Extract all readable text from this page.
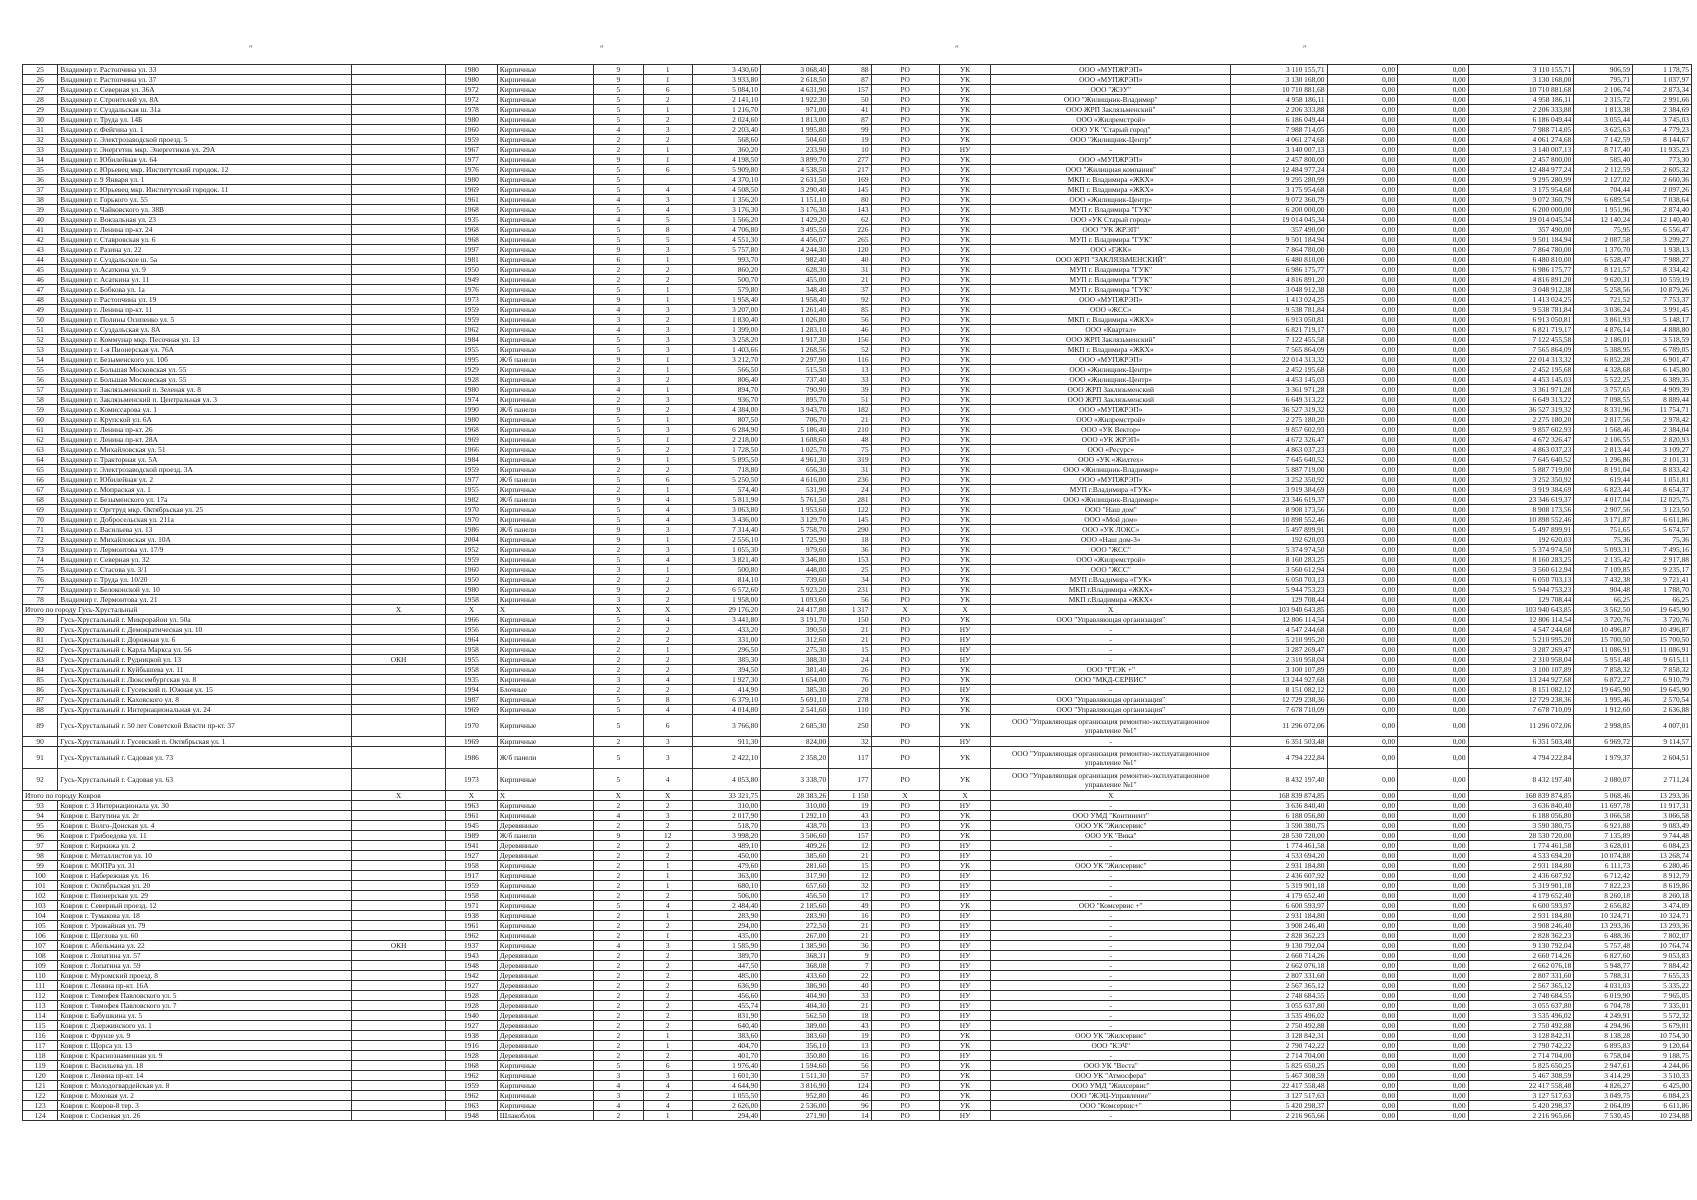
″	″	″	″
25	Владимир г. Растопчина ул. 33		1980	Кирпичные	9	1	3 430,60	3 068,40	88	РО	УК	ООО «МУПЖРЭП»	3 110 155,71	0,00	0,00	3 110 155,71	906,59	1 178,75
26	Владимир г. Растопчина ул. 37		1980	Кирпичные	9	1	3 933,80	2 618,50	87	РО	УК	ООО «МУПЖРЭП»	3 130 168,00	0,00	0,00	3 130 168,00	795,71	1 037,97
27	Владимир г. Северная ул. 36А		1972	Кирпичные	5	6	5 084,10	4 631,90	157	РО	УК	ООО "ЖЭУ"	10 710 881,68	0,00	0,00	10 710 881,68	2 106,74	2 873,34
28	Владимир г. Строителей ул. 8А		1972	Кирпичные	5	2	2 141,10	1 922,30	50	РО	УК	ООО "Жилищник-Владимир"	4 958 186,11	0,00	0,00	4 958 186,11	2 315,72	2 991,66
29	Владимир г. Суздальская ш. 31а		1978	Кирпичные	5	1	1 216,70	971,00	41	РО	УК	ООО ЖРП Заклязьменский"	2 206 333,88	0,00	0,00	2 206 333,88	1 813,38	2 384,69
30	Владимир г. Труда ул. 14Б		1980	Кирпичные	5	2	2 024,60	1 813,00	87	РО	УК	ООО «Жилремстрой»	6 186 049,44	0,00	0,00	6 186 049,44	3 055,44	3 745,03
31	Владимир г. Фейгина ул. 1		1960	Кирпичные	4	3	2 203,40	1 995,80	99	РО	УК	ООО УК "Старый город"	7 988 714,05	0,00	0,00	7 988 714,05	3 625,63	4 779,23
32	Владимир г. Электрозаводской проезд. 5		1959	Кирпичные	2	2	568,60	504,60	19	РО	УК	ООО "Жилищник-Центр"	4 061 274,68	0,00	0,00	4 061 274,68	7 142,59	8 144,67
33	Владимир г. Энергетик мкр. Энергетиков ул. 29А		1967	Кирпичные	2	1	360,20	233,90	10	РО	НУ	-	3 140 007,13	0,00	0,00	3 140 007,13	8 717,40	11 935,23
34	Владимир г. Юбилейная ул. 64		1977	Кирпичные	9	1	4 198,50	3 899,70	277	РО	УК	ООО «МУПЖРЭП»	2 457 800,00	0,00	0,00	2 457 800,00	585,40	773,30
35	Владимир г. Юрьевец мкр. Институтский городок. 12		1976	Кирпичные	5	6	5 909,80	4 538,50	217	РО	УК	ООО "Жилищная компания"	12 484 977,24	0,00	0,00	12 484 977,24	2 112,59	2 605,32
36	Владимир г. 9 Января ул. 1		1980	Кирпичные	5		4 370,10	2 631,50	169	РО	УК	МКП г. Владимира «ЖКХ»	9 295 280,99	0,00	0,00	9 295 280,99	2 127,02	2 660,36
37	Владимир г. Юрьевец мкр. Институтский городок. 11		1969	Кирпичные	5	4	4 508,50	3 290,40	145	РО	УК	МКП г. Владимира «ЖКХ»	3 175 954,68	0,00	0,00	3 175 954,68	704,44	2 097,26
38	Владимир г. Горького ул. 55		1961	Кирпичные	4	3	1 356,20	1 151,10	80	РО	УК	ООО «Жилищник-Центр»	9 072 360,79	0,00	0,00	9 072 360,79	6 689,54	7 038,64
39	Владимир г. Чайковского ул. 38В		1968	Кирпичные	5	4	3 176,30	3 176,30	143	РО	УК	МУП г. Владимира "ГУК"	6 200 000,00	0,00	0,00	6 200 000,00	1 951,96	2 874,40
40	Владимир г. Вокзальная ул. 23		1935	Кирпичные	4	5	1 566,20	1 429,20	62	РО	УК	ООО «УК Старый город»	19 014 045,34	0,00	0,00	19 014 045,34	12 140,24	12 140,40
41	Владимир г. Ленина пр-кт. 24		1968	Кирпичные	5	8	4 706,80	3 495,50	226	РО	УК	ООО "УК ЖРЭП"	357 490,00	0,00	0,00	357 490,00	75,95	6 556,47
42	Владимир г. Ставровская ул. 6		1968	Кирпичные	5	5	4 551,30	4 456,07	265	РО	УК	МУП г. Владимира "ГУК"	9 501 184,94	0,00	0,00	9 501 184,94	2 087,58	3 299,27
43	Владимир г. Разина ул. 22		1997	Кирпичные	9	3	5 757,80	4 244,30	120	РО	УК	ООО «ГЖК»	7 864 780,00	0,00	0,00	7 864 780,00	1 370,70	1 938,13
44	Владимир г. Суздальское ш. 5а		1981	Кирпичные	6	1	993,70	982,40	40	РО	УК	ООО ЖРП "ЗАКЛЯЗЬМЕНСКИЙ"	6 480 810,00	0,00	0,00	6 480 810,00	6 528,47	7 988,27
45	Владимир г. Асаткина ул. 9		1950	Кирпичные	2	2	860,20	628,30	31	РО	УК	МУП г. Владимира "ГУК"	6 986 175,77	0,00	0,00	6 986 175,77	8 121,57	8 334,42
46	Владимир г. Асаткина ул. 11		1949	Кирпичные	2	2	500,70	455,00	21	РО	УК	МУП г. Владимира "ГУК"	4 816 891,20	0,00	0,00	4 816 891,20	9 620,31	10 559,19
47	Владимир г. Бобкова ул. 1а		1976	Кирпичные	5	1	579,80	348,40	37	РО	УК	МУП г. Владимира "ГУК"	3 048 912,38	0,00	0,00	3 048 912,38	5 258,56	10 879,26
48	Владимир г. Растопчина ул. 19		1973	Кирпичные	9	1	1 958,40	1 958,40	92	РО	УК	ООО «МУПЖРЭП»	1 413 024,25	0,00	0,00	1 413 024,25	721,52	7 753,37
49	Владимир г. Ленина пр-кт. 11		1959	Кирпичные	4	3	3 207,00	1 261,40	85	РО	УК	ООО «ЖСС»	9 538 781,84	0,00	0,00	9 538 781,84	3 036,24	3 991,45
50	Владимир г. Полины Осипенко ул. 5		1959	Кирпичные	3	2	1 830,40	1 026,80	56	РО	УК	МКП г. Владимира «ЖКХ»	6 913 050,81	0,00	0,00	6 913 050,81	3 861,93	5 148,17
51	Владимир г. Суздальская ул. 8А		1962	Кирпичные	4	3	1 399,00	1 283,10	46	РО	УК	ООО «Квартал»	6 821 719,17	0,00	0,00	6 821 719,17	4 876,14	4 888,80
52	Владимир г. Коммунар мкр. Песочная ул. 13		1984	Кирпичные	5	3	3 258,20	1 917,30	156	РО	УК	ООО ЖРП Заклязьменский"	7 122 455,58	0,00	0,00	7 122 455,58	2 186,01	3 518,59
53	Владимир г. 1-я Пионерская ул. 76А		1955	Кирпичные	5	3	1 403,66	1 268,56	52	РО	УК	МКП г. Владимира «ЖКХ»	7 565 864,09	0,00	0,00	7 565 864,09	5 388,95	6 789,05
54	Владимир г. Безыменского ул. 10б		1995	Ж/б панели	9	1	3 212,70	2 297,90	116	РО	УК	ООО «МУПЖРЭП»	22 014 313,32	0,00	0,00	22 014 313,32	6 852,28	6 901,47
55	Владимир г. Большая Московская ул. 55		1929	Кирпичные	2	1	566,50	515,50	13	РО	УК	ООО «Жилищник-Центр»	2 452 195,68	0,00	0,00	2 452 195,68	4 328,68	6 145,80
56	Владимир г. Большая Московская ул. 55		1928	Кирпичные	3	2	806,40	737,40	33	РО	УК	ООО «Жилищник-Центр»	4 453 145,03	0,00	0,00	4 453 145,03	5 522,25	6 389,35
57	Владимир г. Заклязьменский п. Зеленая ул. 8		1980	Кирпичные	4	1	894,70	790,90	39	РО	УК	ООО ЖРП Заклязьменский	3 361 971,28	0,00	0,00	3 361 971,28	3 757,65	4 909,39
58	Владимир г. Заклязьменский п. Центральная ул. 3		1974	Кирпичные	2	3	936,70	895,70	51	РО	УК	ООО ЖРП Заклязьменский	6 649 313,22	0,00	0,00	6 649 313,22	7 098,55	8 889,44
59	Владимир г. Комиссарова ул. 1		1990	Ж/б панели	9	2	4 384,00	3 943,70	182	РО	УК	ООО «МУПЖРЭП»	36 527 319,32	0,00	0,00	36 527 319,32	8 331,96	11 754,71
60	Владимир г. Крупской ул. 6А		1980	Кирпичные	5	1	807,50	706,70	21	РО	УК	ООО «Жилремстрой»	2 275 180,20	0,00	0,00	2 275 180,20	2 817,56	2 978,42
61	Владимир г. Ленина пр-кт. 26		1968	Кирпичные	5	3	6 284,90	5 186,40	210	РО	УК	ООО «УК Вектор»	9 857 602,93	0,00	0,00	9 857 602,93	1 568,46	2 384,04
62	Владимир г. Ленина пр-кт. 28А		1969	Кирпичные	5	1	2 218,00	1 608,60	48	РО	УК	ООО «УК ЖРЭП»	4 672 326,47	0,00	0,00	4 672 326,47	2 106,55	2 820,93
63	Владимир г. Михайловская ул. 51		1966	Кирпичные	5	2	1 728,50	1 025,70	75	РО	УК	ООО «Ресурс»	4 863 037,23	0,00	0,00	4 863 037,23	2 813,44	3 109,27
64	Владимир г. Тракторная ул. 5А		1984	Кирпичные	9	1	5 895,50	4 961,30	319	РО	УК	ООО «УК «Жилтех»	7 645 640,52	0,00	0,00	7 645 640,52	1 296,86	2 101,31
65	Владимир г. Электрозаводской проезд. 3А		1959	Кирпичные	2	2	718,80	656,30	31	РО	УК	ООО «Жилищник-Владимир»	5 887 719,00	0,00	0,00	5 887 719,00	8 191,04	8 833,42
66	Владимир г. Юбилейная ул. 2		1977	Ж/б панели	5	6	5 250,50	4 616,00	236	РО	УК	ООО «МУПЖРЭП»	3 252 350,92	0,00	0,00	3 252 350,92	619,44	1 051,81
67	Владимир г. Мопраскaя ул. 1		1955	Кирпичные	2	1	574,40	531,90	24	РО	УК	МУП г.Владимира «ГУК»	3 919 384,69	0,00	0,00	3 919 384,69	6 823,44	8 654,37
68	Владимир г. Безыменского ул. 17а		1982	Ж/б панели	9	4	5 811,90	5 761,50	281	РО	УК	ООО «Жилищник-Владимир»	23 346 619,37	0,00	0,00	23 346 619,37	4 017,04	12 025,75
69	Владимир г. Оргтруд мкр. Октябрьская ул. 25		1970	Кирпичные	5	4	3 063,80	1 953,60	122	РО	УК	ООО "Наш дом"	8 908 173,56	0,00	0,00	8 908 173,56	2 907,56	3 123,50
70	Владимир г. Добросельская ул. 211а		1970	Кирпичные	5	4	3 436,00	3 129,70	145	РО	УК	ООО «Мой дом»	10 898 552,46	0,00	0,00	10 898 552,46	3 171,87	6 611,86
71	Владимир г. Васильева ул. 13		1986	Ж/б панели	9	3	7 314,40	5 758,70	290	РО	УК	ООО «УК ЛОКС»	5 497 899,91	0,00	0,00	5 497 899,91	751,65	5 674,57
72	Владимир г. Михайловская ул. 10А		2004	Кирпичные	9	1	2 556,10	1 725,90	18	РО	УК	ООО «Наш дом-3»	192 620,03	0,00	0,00	192 620,03	75,36	75,36
73	Владимир г. Лермонтова ул. 17/9		1952	Кирпичные	2	3	1 055,30	979,60	36	РО	УК	ООО "ЖСС"	5 374 974,50	0,00	0,00	5 374 974,50	5 093,31	7 495,16
74	Владимир г. Северная ул. 32		1959	Кирпичные	5	4	3 821,40	3 346,80	153	РО	УК	ООО «Жилремстрой»	8 160 283,25	0,00	0,00	8 160 283,25	2 135,42	2 917,88
75	Владимир г. Стасова ул. 3/1		1960	Кирпичные	3	1	500,80	448,00	25	РО	УК	ООО "ЖСС"	3 560 612,94	0,00	0,00	3 560 612,94	7 109,85	9 235,17
76	Владимир г. Труда ул. 10/20		1950	Кирпичные	2	2	814,10	739,60	34	РО	УК	МУП г.Владимира «ГУК»	6 050 703,13	0,00	0,00	6 050 703,13	7 432,38	9 721,41
77	Владимир г. Белоконской ул. 10		1980	Кирпичные	9	2	6 572,60	5 923,20	231	РО	УК	МКП г.Владимира «ЖКХ»	5 944 753,23	0,00	0,00	5 944 753,23	904,48	1 788,70
78	Владимир г. Лермонтова ул. 21		1958	Кирпичные	3	2	1 958,00	1 093,60	56	РО	УК	МКП г.Владимира «ЖКХ»	129 708,44	0,00	0,00	129 708,44	66,25	66,25
Итого по городу Гусь-Хрустальный		X	X	X	X	X	29 176,20	24 417,80	1 317	X	X	X	103 940 643,85	0,00	0,00	103 940 643,85	3 562,50	19 645,90
79	Гусь-Хрустальный г. Микрорайон ул. 50а		1966	Кирпичные	5	4	3 441,80	3 191,70	150	РО	УК	ООО "Управляющая организация"	12 806 114,54	0,00	0,00	12 806 114,54	3 720,76	3 720,76
80	Гусь-Хрустальный г. Демократическая ул. 10		1956	Кирпичные	2	2	433,20	390,50	21	РО	НУ	-	4 547 244,68	0,00	0,00	4 547 244,68	10 496,87	10 496,87
81	Гусь-Хрустальный г. Дорожная ул. 6		1964	Кирпичные	2	2	331,00	312,60	21	РО	НУ	-	5 210 995,20	0,00	0,00	5 210 995,20	15 700,50	15 700,50
82	Гусь-Хрустальный г. Карла Маркса ул. 56		1958	Кирпичные	2	1	296,50	275,30	15	РО	НУ	-	3 287 269,47	0,00	0,00	3 287 269,47	11 086,91	11 086,91
83	Гусь-Хрустальный г. Рудницкой ул. 13	ОКН	1955	Кирпичные	2	2	385,30	388,30	24	РО	НУ	-	2 310 958,04	0,00	0,00	2 310 958,04	5 951,48	9 615,11
84	Гусь-Хрустальный г. Куйбышева ул. 11		1958	Кирпичные	2	2	394,50	381,40	26	РО	УК	ООО "РТЭК +"	3 100 107,89	0,00	0,00	3 100 107,89	7 858,32	7 858,32
85	Гусь-Хрустальный г. Люксембургская ул. 8		1935	Кирпичные	3	4	1 927,30	1 654,00	76	РО	УК	ООО "МКД-СЕРВИС"	13 244 927,68	0,00	0,00	13 244 927,68	6 872,27	6 910,79
86	Гусь-Хрустальный г. Гусевский п. Южная ул. 15		1994	Блочные	2	2	414,90	385,30	20	РО	НУ	-	8 151 082,12	0,00	0,00	8 151 082,12	19 645,90	19 645,90
87	Гусь-Хрустальный г. Каховского ул. 8		1987	Кирпичные	5	8	6 379,10	5 691,10	278	РО	УК	ООО "Управляющая организация"	12 729 238,36	0,00	0,00	12 729 238,36	1 995,46	2 570,54
88	Гусь-Хрустальный г. Интернациональная ул. 24		1969	Кирпичные	5	4	4 014,80	2 541,60	110	РО	УК	ООО "Управляющая организация"	7 678 710,09	0,00	0,00	7 678 710,09	1 912,60	2 636,88
89	Гусь-Хрустальный г. 50 лет Советской Власти пр-кт. 37		1970	Кирпичные	5	6	3 766,80	2 685,30	250	РО	УК	ООО "Управляющая организация ремонтно-эксплуатационное управление №1"	11 296 072,06	0,00	0,00	11 296 072,06	2 998,85	4 007,01
90	Гусь-Хрустальный г. Гусевский п. Октябрьская ул. 1		1969	Кирпичные	2	3	911,30	824,00	32	РО	НУ	-	6 351 503,48	0,00	0,00	6 351 503,48	6 969,72	9 114,57
91	Гусь-Хрустальный г. Садовая ул. 73		1986	Ж/б панели	5	3	2 422,10	2 358,20	117	РО	УК	ООО "Управляющая организация ремонтно-эксплуатационное управление №1"	4 794 222,84	0,00	0,00	4 794 222,84	1 979,37	2 604,51
92	Гусь-Хрустальный г. Садовая ул. 63		1973	Кирпичные	5	4	4 053,80	3 338,70	177	РО	УК	ООО "Управляющая организация ремонтно-эксплуатационное управление №1"	8 432 197,40	0,00	0,00	8 432 197,40	2 080,07	2 711,24
Итого по городу Ковров		X	X	X	X	X	33 321,75	28 383,26	1 150	X	X	X	168 839 874,85	0,00	0,00	168 839 874,85	5 068,46	13 293,36
93	Ковров г. 3 Интернационала ул. 30		1963	Кирпичные	2	2	310,00	310,00	19	РО	НУ	-	3 636 840,40	0,00	0,00	3 636 840,40	11 697,78	11 917,31
94	Ковров г. Ватутина ул. 2г		1961	Кирпичные	4	3	2 017,90	1 292,10	43	РО	УК	ООО УМД "Континент"	6 188 056,80	0,00	0,00	6 188 056,80	3 066,58	3 066,58
95	Ковров г. Волго-Донская ул. 4		1945	Деревянные	2	2	518,70	438,70	13	РО	УК	ООО УК "Жилсервис"	3 590 380,75	0,00	0,00	3 590 380,75	6 921,88	9 083,49
96	Ковров г. Грибоедова ул. 11		1989	Ж/б панели	9	12	3 998,20	3 506,60	157	РО	УК	ООО УК "Вика"	28 530 720,00	0,00	0,00	28 530 720,00	7 135,89	9 744,48
97	Ковров г. Киркижа ул. 2		1941	Деревянные	2	2	489,10	409,26	12	РО	НУ	-	1 774 461,58	0,00	0,00	1 774 461,58	3 628,01	6 084,23
98	Ковров г. Металлистов ул. 10		1927	Деревянные	2	2	450,00	385,60	21	РО	НУ	-	4 533 694,20	0,00	0,00	4 533 694,20	10 074,88	13 268,74
99	Ковров г. МОПРа ул. 31		1958	Кирпичные	2	1	479,60	281,60	15	РО	УК	ООО УК "Жилсервис"	2 931 184,80	0,00	0,00	2 931 184,80	6 111,73	6 280,46
100	Ковров г. Набережная ул. 16		1917	Кирпичные	2	1	363,00	317,90	12	РО	НУ	-	2 436 607,92	0,00	0,00	2 436 607,92	6 712,42	8 912,79
101	Ковров г. Октябрьская ул. 20		1959	Кирпичные	2	1	680,10	657,60	32	РО	НУ	-	5 319 901,18	0,00	0,00	5 319 901,18	7 822,23	8 619,86
102	Ковров г. Пионерская ул. 29		1958	Кирпичные	2	2	506,00	456,50	17	РО	НУ	-	4 179 652,40	0,00	0,00	4 179 652,40	8 260,18	8 260,18
103	Ковров г. Северный проезд. 12		1971	Кирпичные	5	4	2 484,40	2 185,60	49	РО	УК	ООО "Комсервис +"	6 600 593,97	0,00	0,00	6 600 593,97	2 656,82	3 474,09
104	Ковров г. Тумакова ул. 18		1938	Кирпичные	2	1	283,90	283,90	16	РО	НУ	-	2 931 184,80	0,00	0,00	2 931 184,80	10 324,71	10 324,71
105	Ковров г. Урожайная ул. 79		1961	Кирпичные	2	2	294,00	272,50	21	РО	НУ	-	3 908 246,40	0,00	0,00	3 908 246,40	13 293,36	13 293,36
106	Ковров г. Щеглова ул. 60		1962	Кирпичные	2	1	435,00	267,00	21	РО	НУ	-	2 828 362,23	0,00	0,00	2 828 362,23	6 488,36	7 802,07
107	Ковров г. Абельмана ул. 22	ОКН	1937	Кирпичные	4	3	1 585,90	1 385,90	36	РО	НУ	-	9 130 792,04	0,00	0,00	9 130 792,04	5 757,48	10 764,74
108	Ковров г. Лопатина ул. 57		1943	Деревянные	2	2	389,70	368,31	9	РО	НУ	-	2 660 714,26	0,00	0,00	2 660 714,26	6 827,60	9 053,83
109	Ковров г. Лопатина ул. 59		1948	Деревянные	2	2	447,50	368,08	7	РО	НУ	-	2 662 076,18	0,00	0,00	2 662 076,18	5 948,77	7 884,42
110	Ковров г. Муромский проезд. 8		1942	Деревянные	2	2	485,00	433,60	22	РО	НУ	-	2 807 331,60	0,00	0,00	2 807 331,60	5 788,31	7 655,33
111	Ковров г. Ленина пр-кт. 16А		1927	Деревянные	2	2	636,90	386,90	40	РО	НУ	-	2 567 365,12	0,00	0,00	2 567 365,12	4 031,03	5 335,22
112	Ковров г. Тимофея Павловского ул. 5		1928	Деревянные	2	2	456,60	404,90	33	РО	НУ	-	2 748 684,55	0,00	0,00	2 748 684,55	6 019,90	7 965,05
113	Ковров г. Тимофея Павловского ул. 7		1928	Деревянные	2	2	455,74	404,30	21	РО	НУ	-	3 055 637,80	0,00	0,00	3 055 637,80	6 704,78	7 335,01
114	Ковров г. Бабушкина ул. 5		1940	Деревянные	2	2	831,90	562,50	18	РО	НУ	-	3 535 496,02	0,00	0,00	3 535 496,02	4 249,91	5 572,32
115	Ковров г. Дзержинского ул. 1		1927	Деревянные	2	2	640,40	389,00	43	РО	НУ	-	2 750 492,88	0,00	0,00	2 750 492,88	4 294,96	5 679,01
116	Ковров г. Фрунзе ул. 9		1938	Деревянные	2	1	383,60	383,60	19	РО	УК	ООО УК "Жилсервис"	3 128 842,31	0,00	0,00	3 128 842,31	8 138,28	10 754,30
117	Ковров г. Щорса ул. 13		1916	Деревянные	2	1	404,70	356,10	13	РО	УК	ООО "КЭЧ"	2 790 742,22	0,00	0,00	2 790 742,22	6 895,83	9 120,64
118	Ковров г. Краснознаменная ул. 9		1928	Деревянные	2	2	401,70	350,80	16	РО	НУ	-	2 714 704,00	0,00	0,00	2 714 704,00	6 758,04	9 188,75
119	Ковров г. Васильева ул. 18		1968	Кирпичные	5	6	1 976,40	1 594,60	56	РО	УК	ООО УК "Веста"	5 825 650,25	0,00	0,00	5 825 650,25	2 947,61	4 244,06
120	Ковров г. Ленина пр-кт. 14		1962	Кирпичные	3	3	1 601,30	1 511,30	57	РО	УК	ООО УК "Атмосфера"	5 467 308,59	0,00	0,00	5 467 308,59	3 414,29	3 510,33
121	Ковров г. Молодогвардейская ул. 8		1959	Кирпичные	4	4	4 644,90	3 816,90	124	РО	УК	ООО УМД "Жилсервис"	22 417 558,48	0,00	0,00	22 417 558,48	4 826,27	6 425,00
122	Ковров г. Моховая ул. 2		1962	Кирпичные	3	2	1 055,50	952,80	46	РО	УК	ООО "ЖЭЦ-Управление"	3 127 517,63	0,00	0,00	3 127 517,63	3 049,75	6 084,23
123	Ковров г. Ковров-8 тер. 3		1963	Кирпичные	4	4	2 626,00	2 536,00	96	РО	УК	ООО "Комсервис+"	5 420 298,37	0,00	0,00	5 420 298,37	2 064,09	6 611,86
124	Ковров г. Сосновая ул. 26		1948	Шлакоблок	2	1	294,40	271,90	14	РО	НУ	-	2 216 965,66	0,00	0,00	2 216 965,66	7 530,45	10 234,88
